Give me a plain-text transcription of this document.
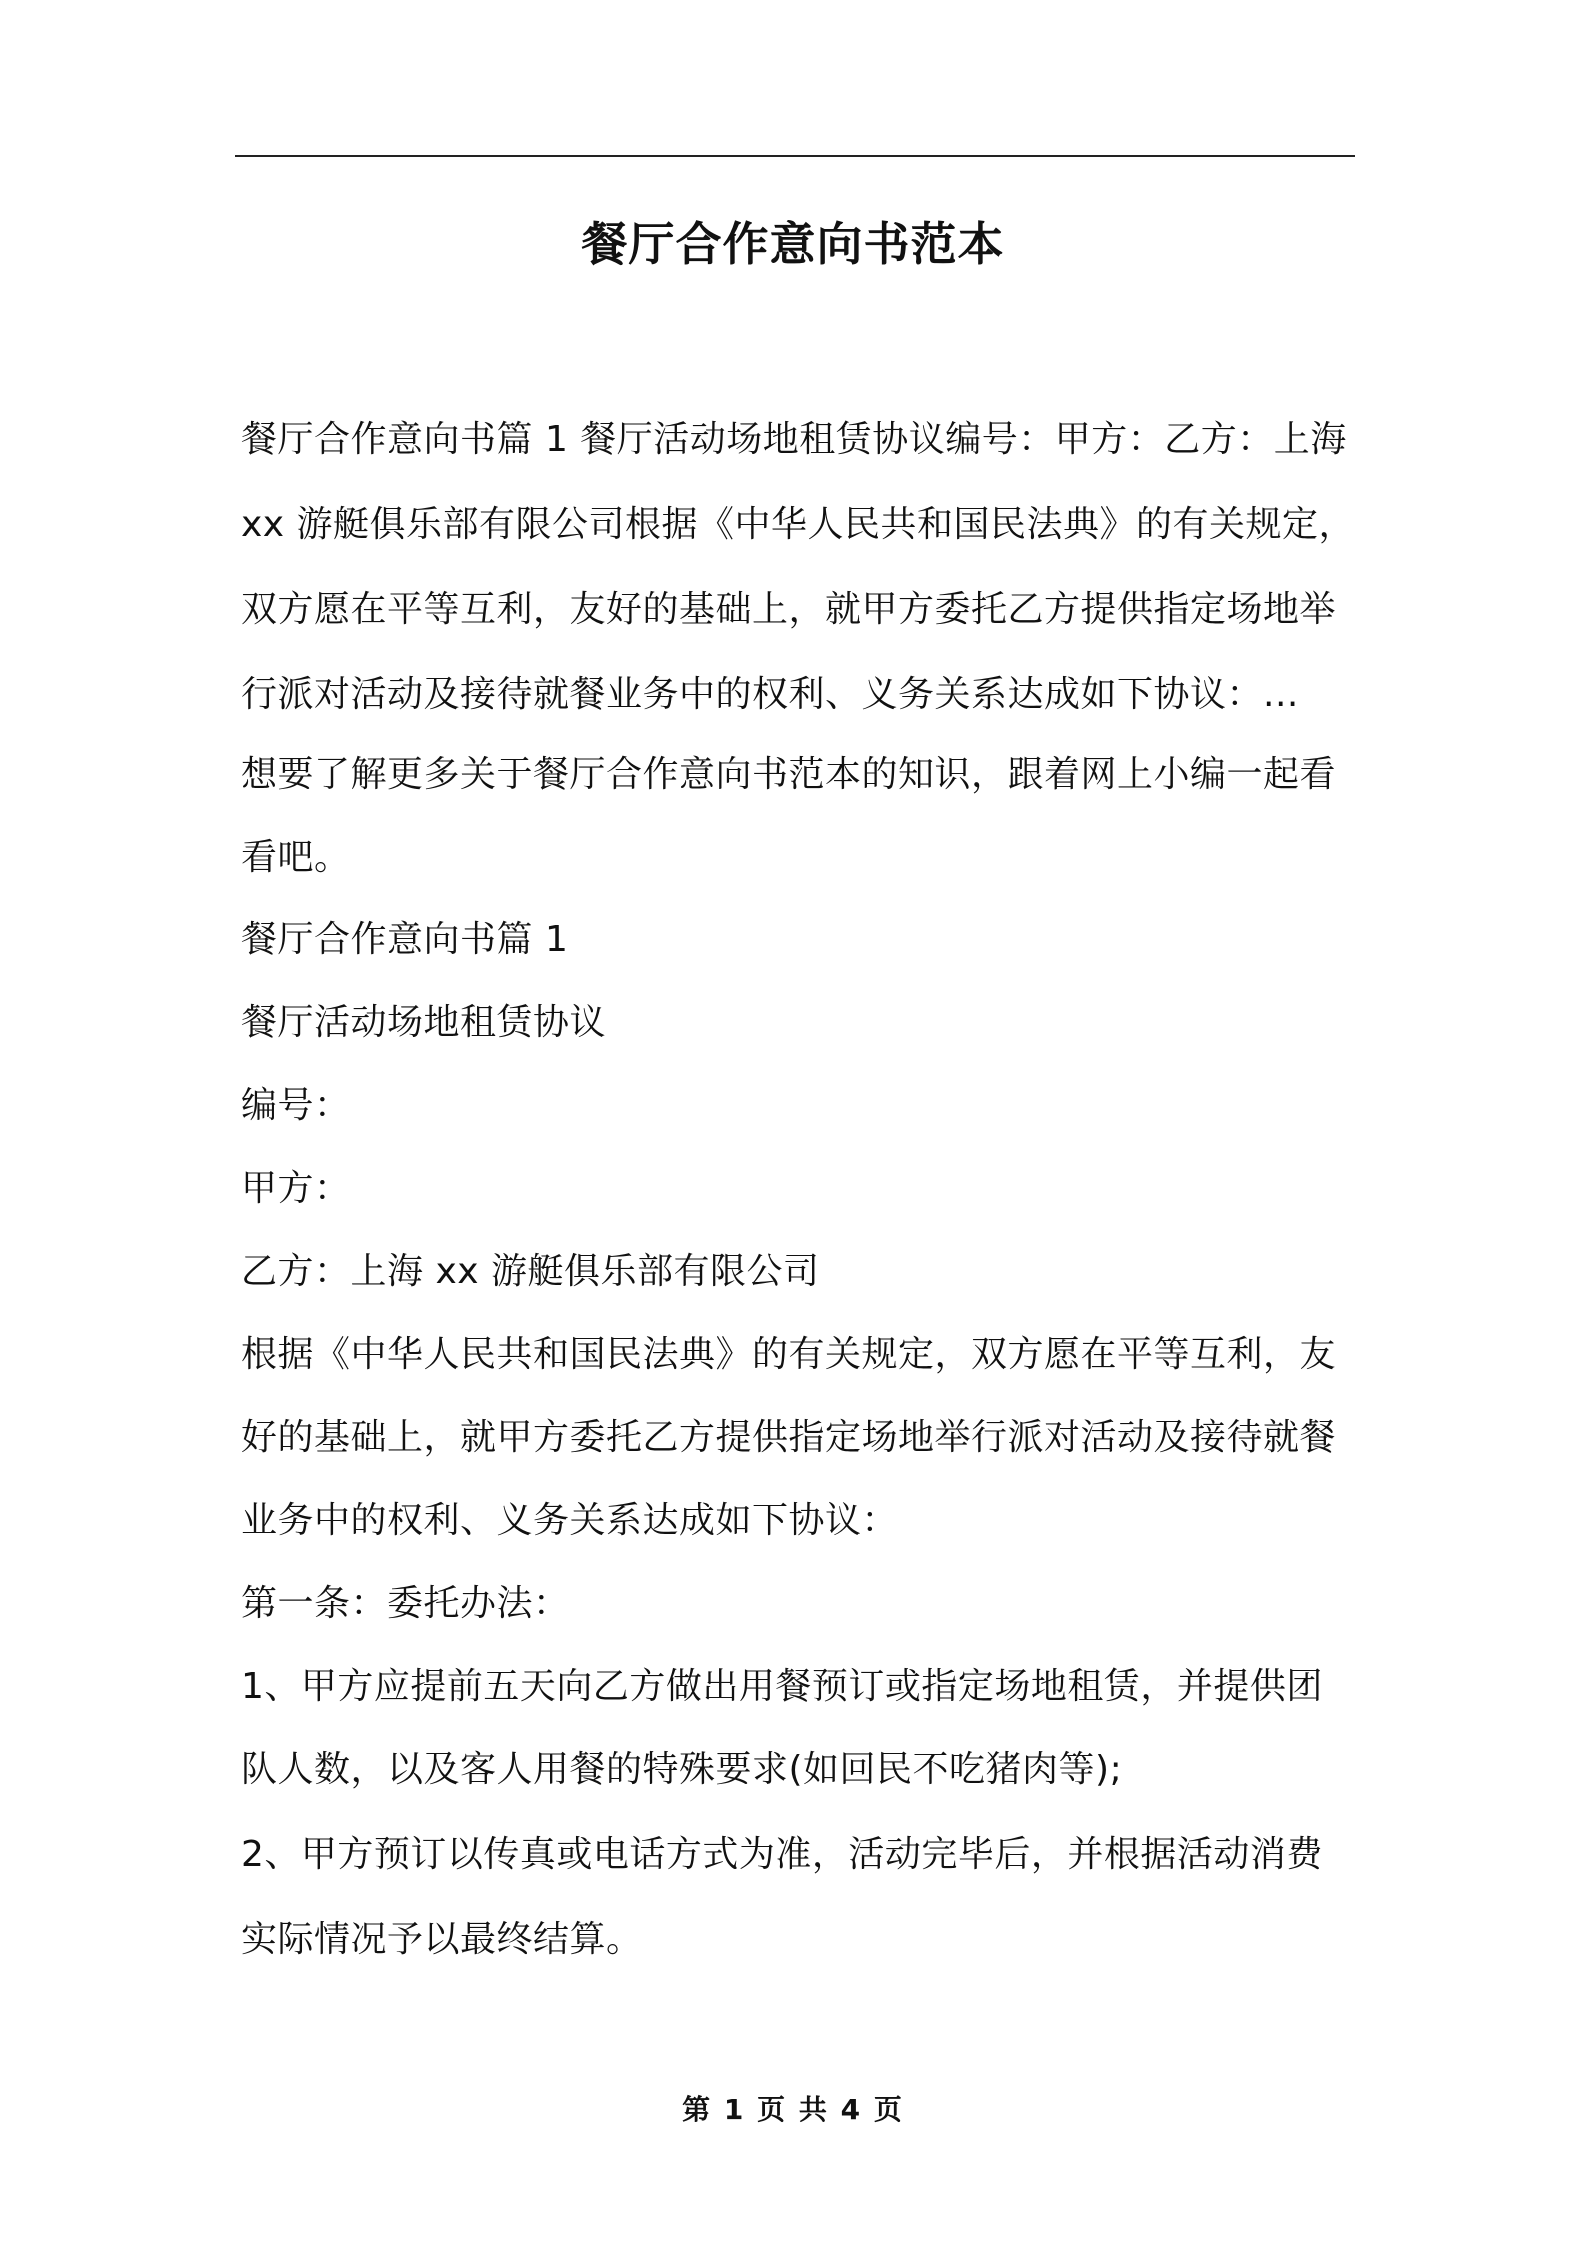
餐厅合作意向书范本

餐厅合作意向书篇 1 餐厅活动场地租赁协议编号：甲方：乙方：上海

xx 游艇俱乐部有限公司根据《中华人民共和国民法典》的有关规定，

双方愿在平等互利，友好的基础上，就甲方委托乙方提供指定场地举

行派对活动及接待就餐业务中的权利、义务关系达成如下协议：...

想要了解更多关于餐厅合作意向书范本的知识，跟着网上小编一起看

看吧。

餐厅合作意向书篇 1

餐厅活动场地租赁协议

编号：

甲方：

乙方：上海 xx 游艇俱乐部有限公司

根据《中华人民共和国民法典》的有关规定，双方愿在平等互利，友

好的基础上，就甲方委托乙方提供指定场地举行派对活动及接待就餐

业务中的权利、义务关系达成如下协议：

第一条：委托办法：

1、甲方应提前五天向乙方做出用餐预订或指定场地租赁，并提供团

队人数，以及客人用餐的特殊要求(如回民不吃猪肉等);

2、甲方预订以传真或电话方式为准，活动完毕后，并根据活动消费

实际情况予以最终结算。

第 1 页 共 4 页
